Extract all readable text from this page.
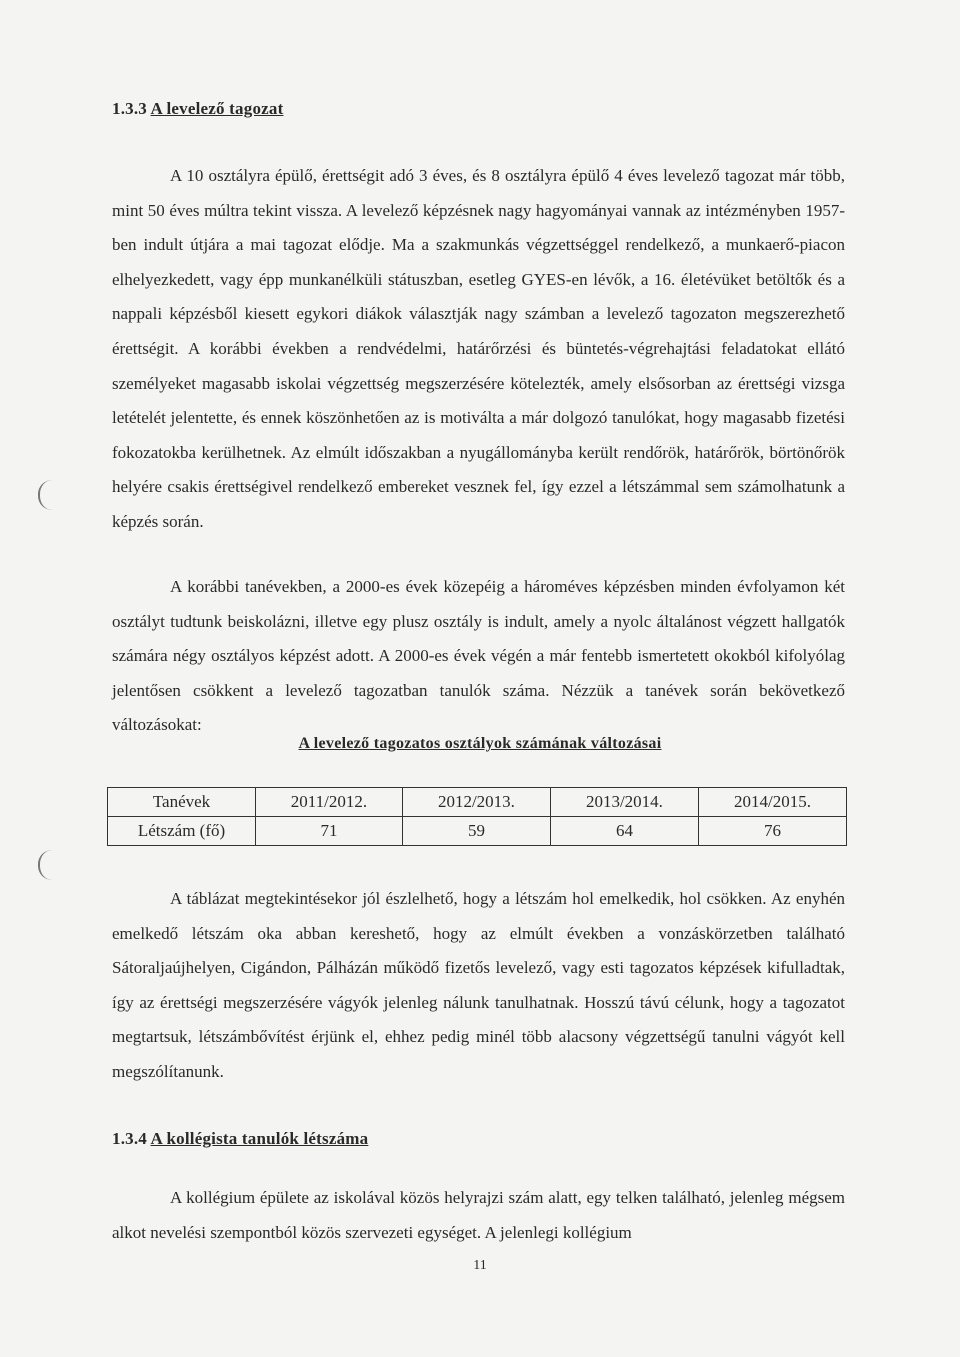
1.3.3 A levelező tagozat

A 10 osztályra épülő, érettségit adó 3 éves, és 8 osztályra épülő 4 éves levelező tagozat már több, mint 50 éves múltra tekint vissza. A levelező képzésnek nagy hagyományai vannak az intézményben 1957-ben indult útjára a mai tagozat elődje. Ma a szakmunkás végzettséggel rendelkező, a munkaerő-piacon elhelyezkedett, vagy épp munkanélküli státuszban, esetleg GYES-en lévők, a 16. életévüket betöltők és a nappali képzésből kiesett egykori diákok választják nagy számban a levelező tagozaton megszerezhető érettségit. A korábbi években a rendvédelmi, határőrzési és büntetés-végrehajtási feladatokat ellátó személyeket magasabb iskolai végzettség megszerzésére kötelezték, amely elsősorban az érettségi vizsga letételét jelentette, és ennek köszönhetően az is motiválta a már dolgozó tanulókat, hogy magasabb fizetési fokozatokba kerülhetnek. Az elmúlt időszakban a nyugállományba került rendőrök, határőrök, börtönőrök helyére csakis érettségivel rendelkező embereket vesznek fel, így ezzel a létszámmal sem számolhatunk a képzés során.

A korábbi tanévekben, a 2000-es évek közepéig a hároméves képzésben minden évfolyamon két osztályt tudtunk beiskolázni, illetve egy plusz osztály is indult, amely a nyolc általánost végzett hallgatók számára négy osztályos képzést adott. A 2000-es évek végén a már fentebb ismertetett okokból kifolyólag jelentősen csökkent a levelező tagozatban tanulók száma. Nézzük a tanévek során bekövetkező változásokat:

A levelező tagozatos osztályok számának változásai
Tanévek	2011/2012.	2012/2013.	2013/2014.	2014/2015.
Létszám (fő)	71	59	64	76

A táblázat megtekintésekor jól észlelhető, hogy a létszám hol emelkedik, hol csökken. Az enyhén emelkedő létszám oka abban kereshető, hogy az elmúlt években a vonzáskörzetben található Sátoraljaújhelyen, Cigándon, Pálházán működő fizetős levelező, vagy esti tagozatos képzések kifulladtak, így az érettségi megszerzésére vágyók jelenleg nálunk tanulhatnak. Hosszú távú célunk, hogy a tagozatot megtartsuk, létszámbővítést érjünk el, ehhez pedig minél több alacsony végzettségű tanulni vágyót kell megszólítanunk.

1.3.4 A kollégista tanulók létszáma

A kollégium épülete az iskolával közös helyrajzi szám alatt, egy telken található, jelenleg mégsem alkot nevelési szempontból közös szervezeti egységet. A jelenlegi kollégium

11
